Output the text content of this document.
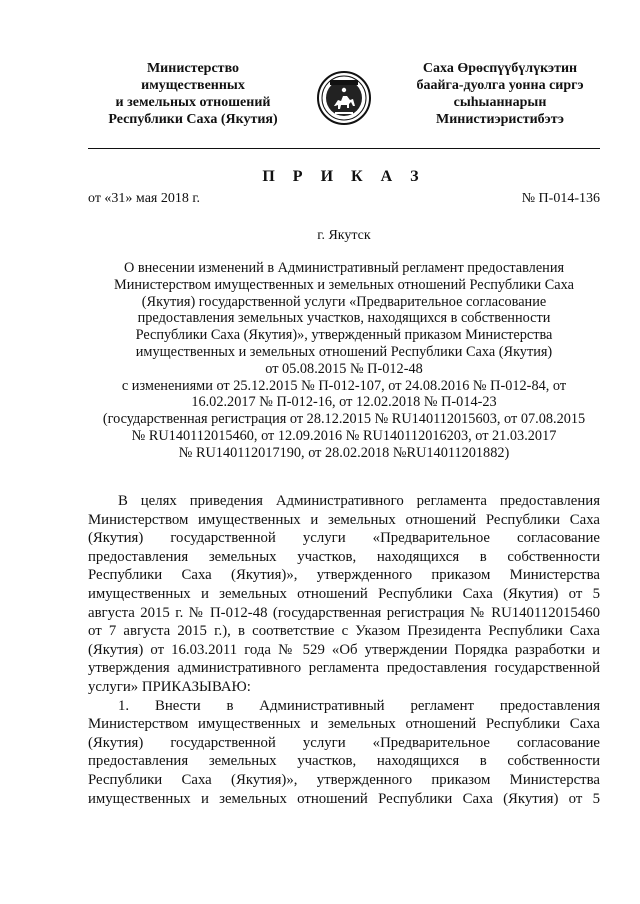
Министерство
имущественных
и земельных отношений
Республики Саха (Якутия)
Саха Өрөспүүбүлүкэтин
баайга-дуолга уонна сиргэ
сыһыаннарын
Министиэристибэтэ
П Р И К А З
от «31» мая 2018 г.	№ П-014-136
г. Якутск
О внесении изменений в Административный регламент предоставления
Министерством имущественных и земельных отношений Республики Саха
(Якутия) государственной услуги «Предварительное согласование
предоставления земельных участков, находящихся в собственности
Республики Саха (Якутия)», утвержденный приказом Министерства
имущественных и земельных отношений Республики Саха (Якутия)
от 05.08.2015 № П-012-48
с изменениями от 25.12.2015 № П-012-107, от 24.08.2016 № П-012-84, от
16.02.2017 № П-012-16, от 12.02.2018 № П-014-23
(государственная регистрация от 28.12.2015 № RU140112015603, от 07.08.2015
№ RU140112015460, от 12.09.2016 № RU140112016203, от 21.03.2017
№ RU140112017190, от 28.02.2018 №RU14011201882)
В целях приведения Административного регламента предоставления
Министерством имущественных и земельных отношений Республики Саха
(Якутия) государственной услуги «Предварительное согласование
предоставления земельных участков, находящихся в собственности
Республики Саха (Якутия)», утвержденного приказом Министерства
имущественных и земельных отношений Республики Саха (Якутия) от 5
августа 2015 г. № П-012-48 (государственная регистрация № RU140112015460
от 7 августа 2015 г.), в соответствие с Указом Президента Республики Саха
(Якутия) от 16.03.2011 года № 529 «Об утверждении Порядка разработки и
утверждения административного регламента предоставления государственной
услуги» ПРИКАЗЫВАЮ:
1. Внести в Административный регламент предоставления
Министерством имущественных и земельных отношений Республики Саха
(Якутия) государственной услуги «Предварительное согласование
предоставления земельных участков, находящихся в собственности
Республики Саха (Якутия)», утвержденного приказом Министерства
имущественных и земельных отношений Республики Саха (Якутия) от 5
